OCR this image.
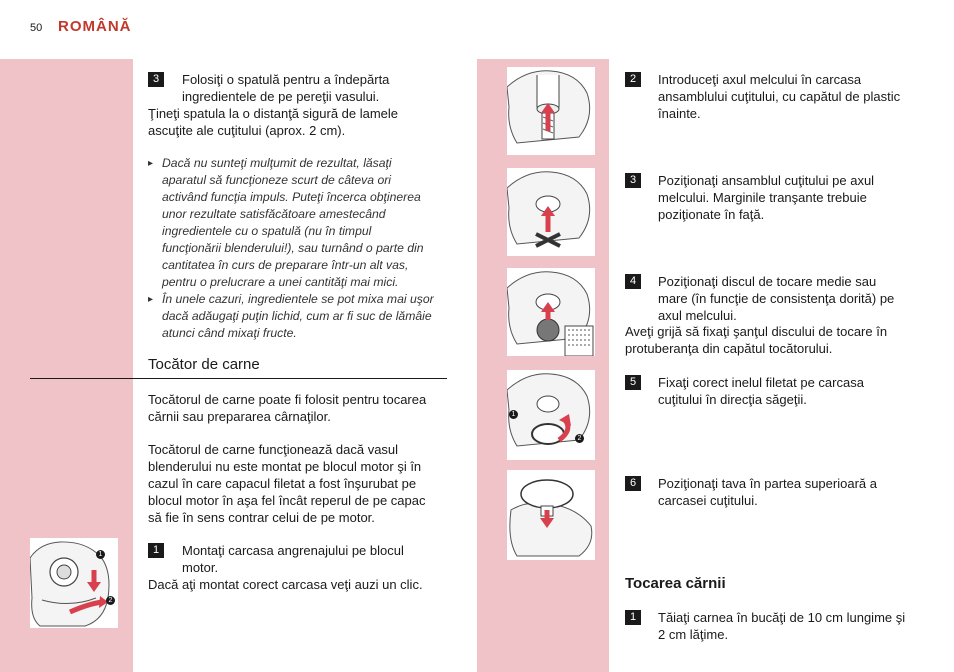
50 ROMÂNĂ
3	Folosiţi o spatulă pentru a îndepărta
ingredientele de pe pereţii vasului.
Ţineţi spatula la o distanţă sigură de lamele
ascuţite ale cuţitului (aprox. 2 cm).
▸ Dacă nu sunteţi mulţumit de rezultat, lăsaţi
aparatul să funcţioneze scurt de câteva ori
activând funcţia impuls. Puteţi încerca obţinerea
unor rezultate satisfăcătoare amestecând
ingredientele cu o spatulă (nu în timpul
funcţionării blenderului!), sau turnând o parte din
cantitatea în curs de preparare într-un alt vas,
pentru o prelucrare a unei cantităţi mai mici.
▸ În unele cazuri, ingredientele se pot mixa mai uşor
dacă adăugaţi puţin lichid, cum ar fi suc de lămâie
atunci când mixaţi fructe.
Tocător de carne
Tocătorul de carne poate fi folosit pentru tocarea
cărnii sau prepararea cârnaţilor.
Tocătorul de carne funcţionează dacă vasul
blenderului nu este montat pe blocul motor şi în
cazul în care capacul filetat a fost înşurubat pe
blocul motor în aşa fel încât reperul de pe capac
să fie în sens contrar celui de pe motor.
1	Montaţi carcasa angrenajului pe blocul
motor.
Dacă aţi montat corect carcasa veţi auzi un clic.
1
2
1
2
2	Introduceţi axul melcului în carcasa
ansamblului cuţitului, cu capătul de plastic
înainte.
3	Poziţionaţi ansamblul cuţitului pe axul
melcului. Marginile tranşante trebuie
poziţionate în faţă.
4	Poziţionaţi discul de tocare medie sau
mare (în funcţie de consistenţa dorită) pe
axul melcului.
Aveţi grijă să fixaţi şanţul discului de tocare în
protuberanţa din capătul tocătorului.
5	Fixaţi corect inelul filetat pe carcasa
cuţitului în direcţia săgeţii.
6	Poziţionaţi tava în partea superioară a
carcasei cuţitului.
Tocarea cărnii
1	Tăiaţi carnea în bucăţi de 10 cm lungime şi
2 cm lăţime.
